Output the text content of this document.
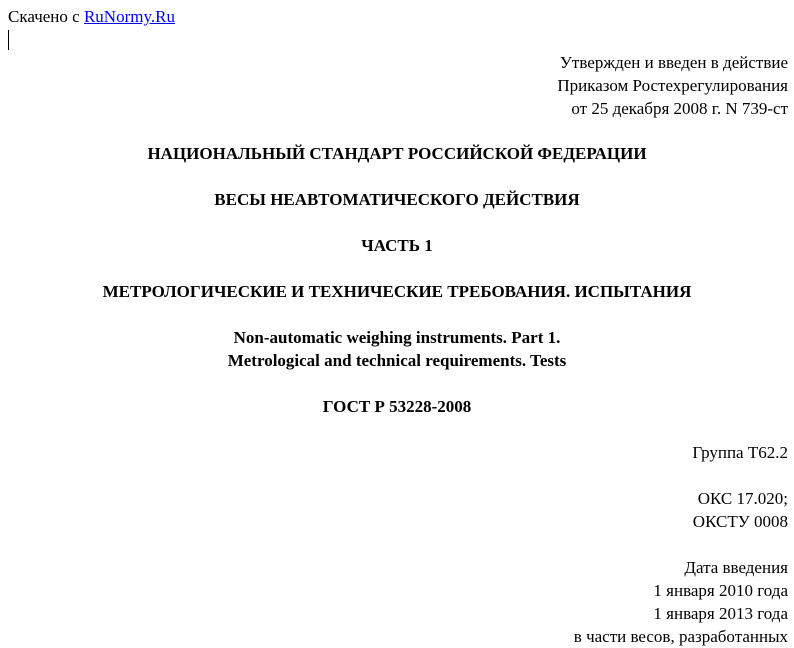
Скачено с RuNormy.Ru
Утвержден и введен в действие
Приказом Ростехрегулирования
от 25 декабря 2008 г. N 739-ст
НАЦИОНАЛЬНЫЙ СТАНДАРТ РОССИЙСКОЙ ФЕДЕРАЦИИ
ВЕСЫ НЕАВТОМАТИЧЕСКОГО ДЕЙСТВИЯ
ЧАСТЬ 1
МЕТРОЛОГИЧЕСКИЕ И ТЕХНИЧЕСКИЕ ТРЕБОВАНИЯ. ИСПЫТАНИЯ
Non-automatic weighing instruments. Part 1.
Metrological and technical requirements. Tests
ГОСТ Р 53228-2008
Группа Т62.2
ОКС 17.020;
ОКСТУ 0008
Дата введения
1 января 2010 года
1 января 2013 года
в части весов, разработанных
